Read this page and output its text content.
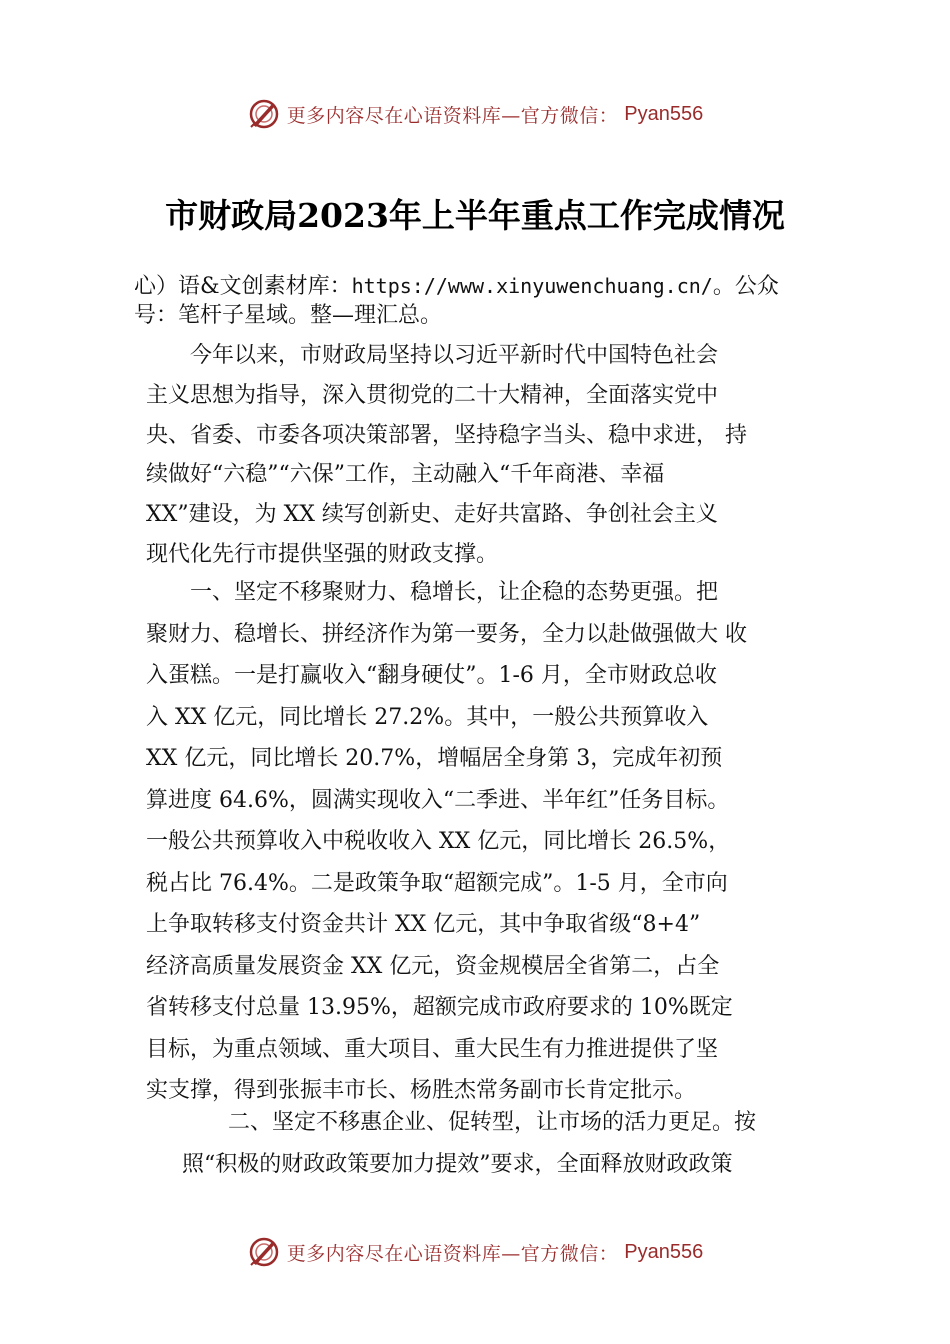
更多内容尽在心语资料库—官方微信： Pyan556
市财政局2023年上半年重点工作完成情况
心）语&文创素材库：https://www.xinyuwenchuang.cn/。公众
号：笔杆子星域。整—理汇总。
今年以来，市财政局坚持以习近平新时代中国特色社会
主义思想为指导，深入贯彻党的二十大精神，全面落实党中
央、省委、市委各项决策部署，坚持稳字当头、稳中求进， 持
续做好“六稳”“六保”工作，主动融入“千年商港、幸福
XX”建设，为 XX 续写创新史、走好共富路、争创社会主义
现代化先行市提供坚强的财政支撑。
一、坚定不移聚财力、稳增长，让企稳的态势更强。把
聚财力、稳增长、拼经济作为第一要务，全力以赴做强做大 收
入蛋糕。一是打赢收入“翻身硬仗”。1-6 月，全市财政总收
入 XX 亿元，同比增长 27.2%。其中，一般公共预算收入
XX 亿元，同比增长 20.7%，增幅居全身第 3，完成年初预
算进度 64.6%，圆满实现收入“二季进、半年红”任务目标。
一般公共预算收入中税收收入 XX 亿元，同比增长 26.5%，
税占比 76.4%。二是政策争取“超额完成”。1-5 月，全市向
上争取转移支付资金共计 XX 亿元，其中争取省级“8+4”
经济高质量发展资金 XX 亿元，资金规模居全省第二，占全
省转移支付总量 13.95%，超额完成市政府要求的 10%既定
目标，为重点领域、重大项目、重大民生有力推进提供了坚
实支撑，得到张振丰市长、杨胜杰常务副市长肯定批示。
二、坚定不移惠企业、促转型，让市场的活力更足。按
照“积极的财政政策要加力提效”要求，全面释放财政政策
更多内容尽在心语资料库—官方微信： Pyan556
